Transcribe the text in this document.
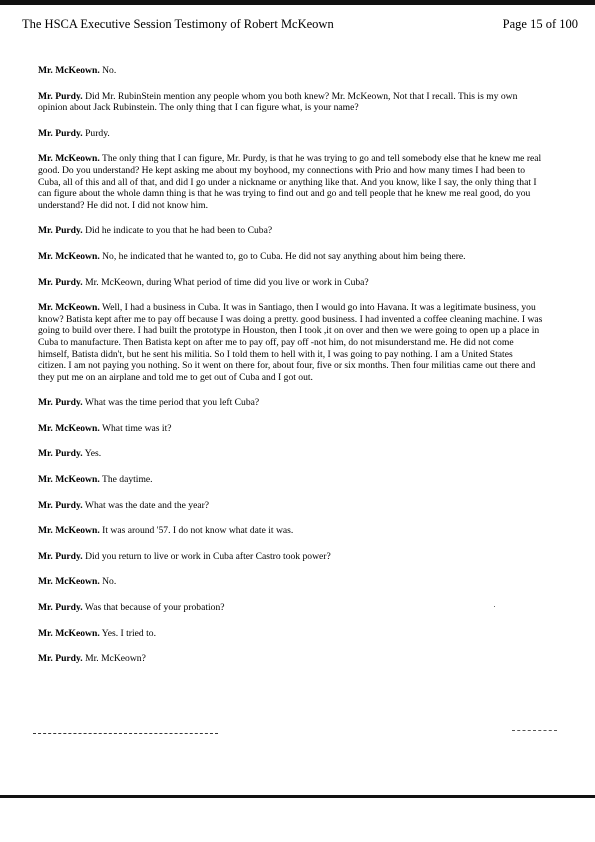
The HSCA Executive Session Testimony of Robert McKeown	Page 15 of 100

Mr. McKeown. No.

Mr. Purdy. Did Mr. RubinStein mention any people whom you both knew? Mr. McKeown, Not that I recall. This is my own opinion about Jack Rubinstein. The only thing that I can figure what, is your name?

Mr. Purdy. Purdy.

Mr. McKeown. The only thing that I can figure, Mr. Purdy, is that he was trying to go and tell somebody else that he knew me real good. Do you understand? He kept asking me about my boyhood, my connections with Prio and how many times I had been to Cuba, all of this and all of that, and did I go under a nickname or anything like that. And you know, like I say, the only thing that I can figure about the whole damn thing is that he was trying to find out and go and tell people that he knew me real good, do you understand? He did not. I did not know him.

Mr. Purdy. Did he indicate to you that he had been to Cuba?

Mr. McKeown. No, he indicated that he wanted to, go to Cuba. He did not say anything about him being there.

Mr. Purdy. Mr. McKeown, during What period of time did you live or work in Cuba?

Mr. McKeown. Well, I had a business in Cuba. It was in Santiago, then I would go into Havana. It was a legitimate business, you know? Batista kept after me to pay off because I was doing a pretty. good business. I had invented a coffee cleaning machine. I was going to build over there. I had built the prototype in Houston, then I took ,it on over and then we were going to open up a place in Cuba to manufacture. Then Batista kept on after me to pay off, pay off -not him, do not misunderstand me. He did not come himself, Batista didn't, but he sent his militia. So I told them to hell with it, I was going to pay nothing. I am a United States citizen. I am not paying you nothing. So it went on there for, about four, five or six months. Then four militias came out there and they put me on an airplane and told me to get out of Cuba and I got out.

Mr. Purdy. What was the time period that you left Cuba?

Mr. McKeown. What time was it?

Mr. Purdy. Yes.

Mr. McKeown. The daytime.

Mr. Purdy. What was the date and the year?

Mr. McKeown. It was around '57. I do not know what date it was.

Mr. Purdy. Did you return to live or work in Cuba after Castro took power?

Mr. McKeown. No.

Mr. Purdy. Was that because of your probation?

Mr. McKeown. Yes. I tried to.

Mr. Purdy. Mr. McKeown?
